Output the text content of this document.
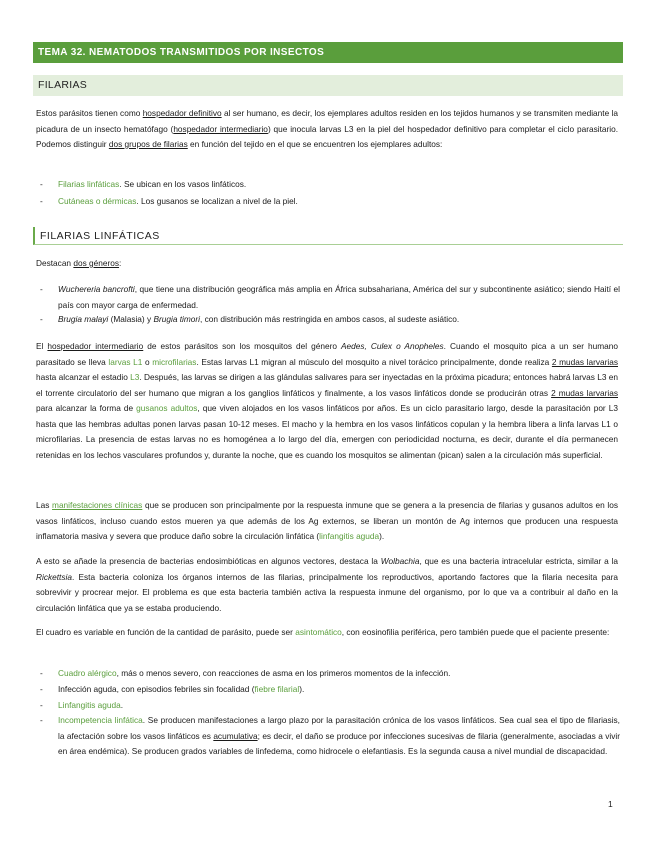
TEMA 32. NEMATODOS TRANSMITIDOS POR INSECTOS
FILARIAS

Estos parásitos tienen como hospedador definitivo al ser humano, es decir, los ejemplares adultos residen en los tejidos humanos y se transmiten mediante la picadura de un insecto hematófago (hospedador intermediario) que inocula larvas L3 en la piel del hospedador definitivo para completar el ciclo parasitario. Podemos distinguir dos grupos de filarias en función del tejido en el que se encuentren los ejemplares adultos:

- Filarias linfáticas. Se ubican en los vasos linfáticos.

- Cutáneas o dérmicas. Los gusanos se localizan a nivel de la piel.

FILARIAS LINFÁTICAS

Destacan dos géneros:

- Wuchereria bancrofti, que tiene una distribución geográfica más amplia en África subsahariana, América del sur y subcontinente asiático; siendo Haití el país con mayor carga de enfermedad.

- Brugia malayi (Malasia) y Brugia timori, con distribución más restringida en ambos casos, al sudeste asiático.

El hospedador intermediario de estos parásitos son los mosquitos del género Aedes, Culex o Anopheles. Cuando el mosquito pica a un ser humano parasitado se lleva larvas L1 o microfilarias. Estas larvas L1 migran al músculo del mosquito a nivel torácico principalmente, donde realiza 2 mudas larvarias hasta alcanzar el estadio L3. Después, las larvas se dirigen a las glándulas salivares para ser inyectadas en la próxima picadura; entonces habrá larvas L3 en el torrente circulatorio del ser humano que migran a los ganglios linfáticos y finalmente, a los vasos linfáticos donde se producirán otras 2 mudas larvarias para alcanzar la forma de gusanos adultos, que viven alojados en los vasos linfáticos por años. Es un ciclo parasitario largo, desde la parasitación por L3 hasta que las hembras adultas ponen larvas pasan 10-12 meses. El macho y la hembra en los vasos linfáticos copulan y la hembra libera a linfa larvas L1 o microfilarias. La presencia de estas larvas no es homogénea a lo largo del día, emergen con periodicidad nocturna, es decir, durante el día permanecen retenidas en los lechos vasculares profundos y, durante la noche, que es cuando los mosquitos se alimentan (pican) salen a la circulación más superficial.

Las manifestaciones clínicas que se producen son principalmente por la respuesta inmune que se genera a la presencia de filarias y gusanos adultos en los vasos linfáticos, incluso cuando estos mueren ya que además de los Ag externos, se liberan un montón de Ag internos que producen una respuesta inflamatoria masiva y severa que produce daño sobre la circulación linfática (linfangitis aguda).

A esto se añade la presencia de bacterias endosimbióticas en algunos vectores, destaca la Wolbachia, que es una bacteria intracelular estricta, similar a la Rickettsia. Esta bacteria coloniza los órganos internos de las filarias, principalmente los reproductivos, aportando factores que la filaria necesita para sobrevivir y procrear mejor. El problema es que esta bacteria también activa la respuesta inmune del organismo, por lo que va a contribuir al daño en la circulación linfática que ya se estaba produciendo.

El cuadro es variable en función de la cantidad de parásito, puede ser asintomático, con eosinofilia periférica, pero también puede que el paciente presente:

- Cuadro alérgico, más o menos severo, con reacciones de asma en los primeros momentos de la infección.

- Infección aguda, con episodios febriles sin focalidad (fiebre filarial).

- Linfangitis aguda.

- Incompetencia linfática. Se producen manifestaciones a largo plazo por la parasitación crónica de los vasos linfáticos. Sea cual sea el tipo de filariasis, la afectación sobre los vasos linfáticos es acumulativa; es decir, el daño se produce por infecciones sucesivas de filaria (generalmente, asociadas a vivir en área endémica). Se producen grados variables de linfedema, como hidrocele o elefantiasis. Es la segunda causa a nivel mundial de discapacidad.

1
